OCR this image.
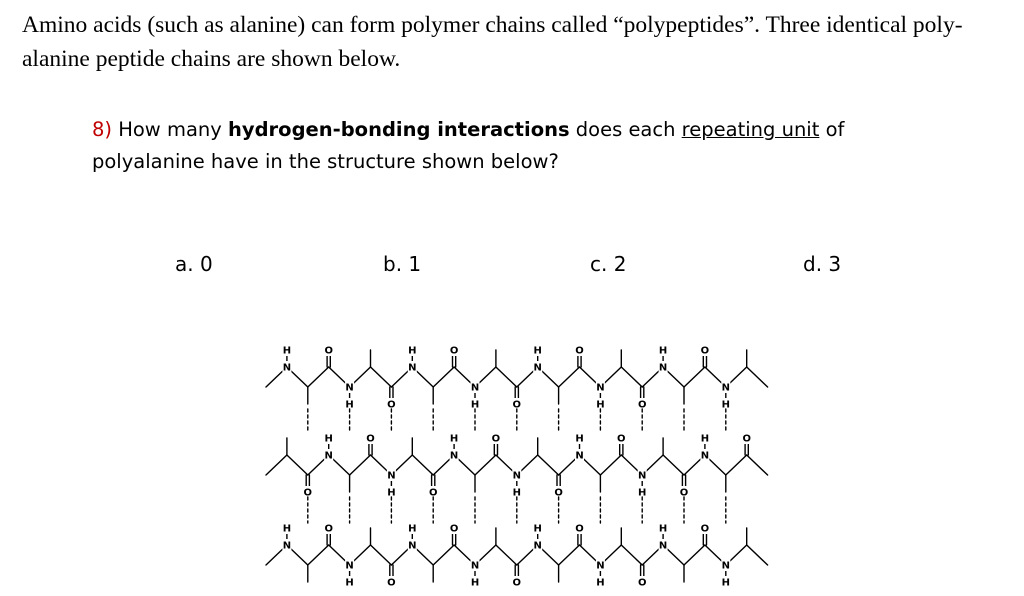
Amino acids (such as alanine) can form polymer chains called “polypeptides”. Three identical poly-alanine peptide chains are shown below.
8) How many hydrogen-bonding interactions does each repeating unit of polyalanine have in the structure shown below?
a. 0	b. 1	c. 2	d. 3
N
H	O
N
H	O
N
H	O
N
H	O
N
H	O
N
H	O
N
H	O
N
H
O
N
H	O
N
H	O
N
H	O
N
H	O
N
H	O
N
H	O
N
H	O
N
H	O
N
H	O
N
H	O
N
H	O
N
H	O
N
H	O
N
H	O
N
H
